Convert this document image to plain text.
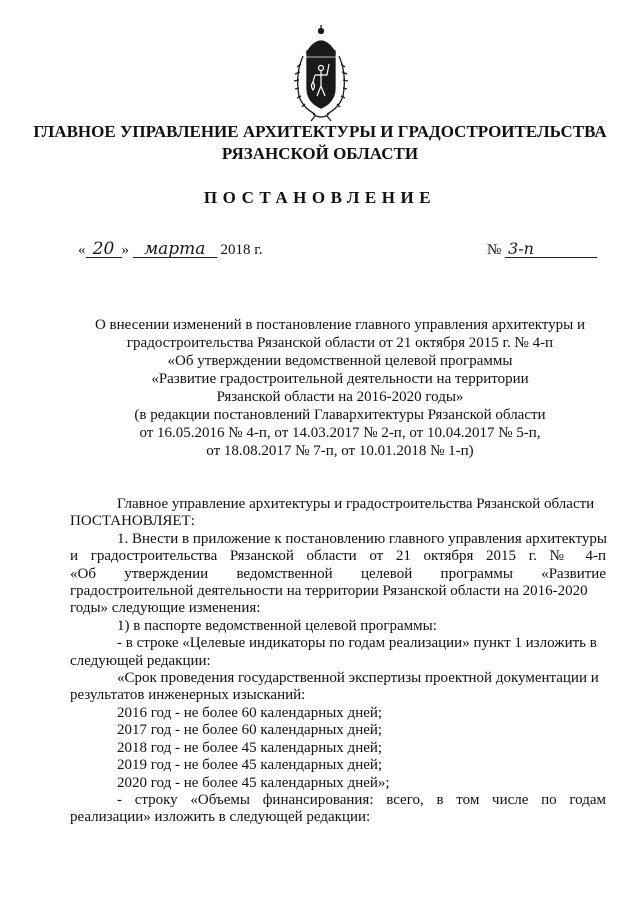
ГЛАВНОЕ УПРАВЛЕНИЕ АРХИТЕКТУРЫ И ГРАДОСТРОИТЕЛЬСТВА
РЯЗАНСКОЙ ОБЛАСТИ
ПОСТАНОВЛЕНИЕ
« 20 » марта 2018 г.	№ 3-п
О внесении изменений в постановление главного управления архитектуры и
градостроительства Рязанской области от 21 октября 2015 г. № 4-п
«Об утверждении ведомственной целевой программы
«Развитие градостроительной деятельности на территории
Рязанской области на 2016-2020 годы»
(в редакции постановлений Главархитектуры Рязанской области
от 16.05.2016 № 4-п, от 14.03.2017 № 2-п, от 10.04.2017 № 5-п,
от 18.08.2017 № 7-п, от 10.01.2018 № 1-п)

Главное управление архитектуры и градостроительства Рязанской области

ПОСТАНОВЛЯЕТ:

1. Внести в приложение к постановлению главного управления архитектуры

и градостроительства Рязанской области от 21 октября 2015 г. № 4-п

«Об утверждении ведомственной целевой программы «Развитие

градостроительной деятельности на территории Рязанской области на 2016-2020

годы» следующие изменения:

1) в паспорте ведомственной целевой программы:

- в строке «Целевые индикаторы по годам реализации» пункт 1 изложить в

следующей редакции:

«Срок проведения государственной экспертизы проектной документации и

результатов инженерных изысканий:

2016 год - не более 60 календарных дней;

2017 год - не более 60 календарных дней;

2018 год - не более 45 календарных дней;

2019 год - не более 45 календарных дней;

2020 год - не более 45 календарных дней»;

- строку «Объемы финансирования: всего, в том числе по годам

реализации» изложить в следующей редакции:
